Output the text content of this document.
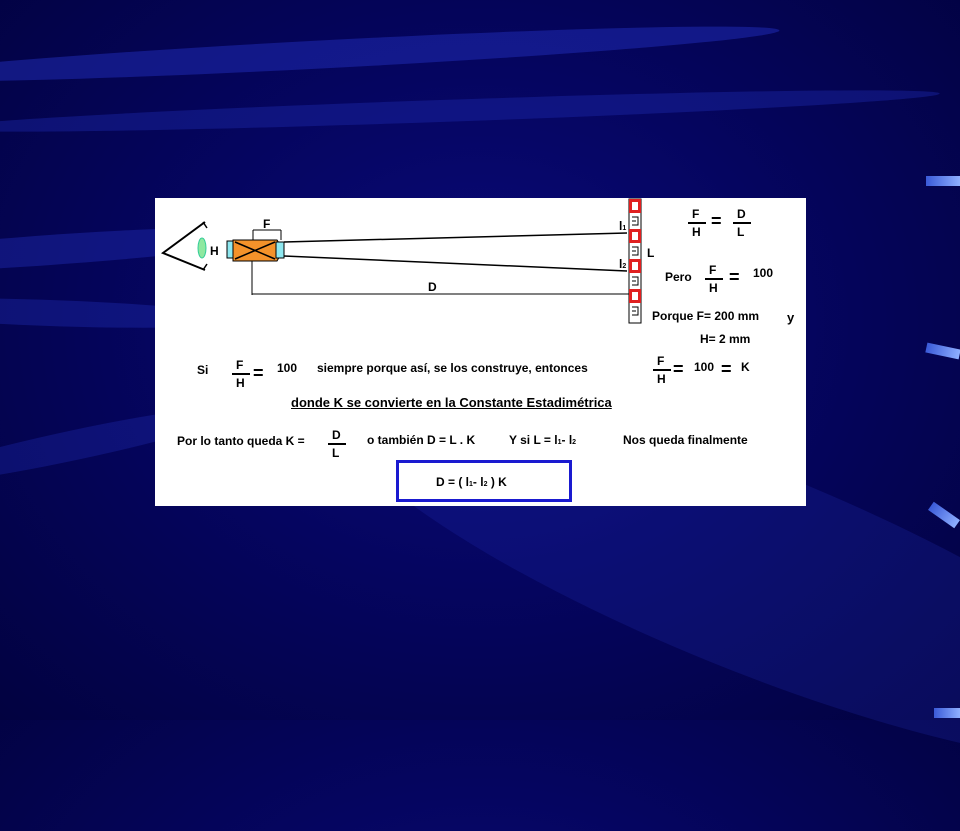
F
H
D
L
l1
l2
F
H
= D
L
Pero F
H
= 100
Porque F= 200 mm y
H= 2 mm
Si F
H = 100 siempre porque así, se los construye, entonces	F
H = 100 = K
donde K se convierte en la Constante Estadimétrica
Por lo tanto queda K = D
L
o también D = L . K	Y si L = l1- l2	Nos queda finalmente
D = ( l1- l2 ) K
